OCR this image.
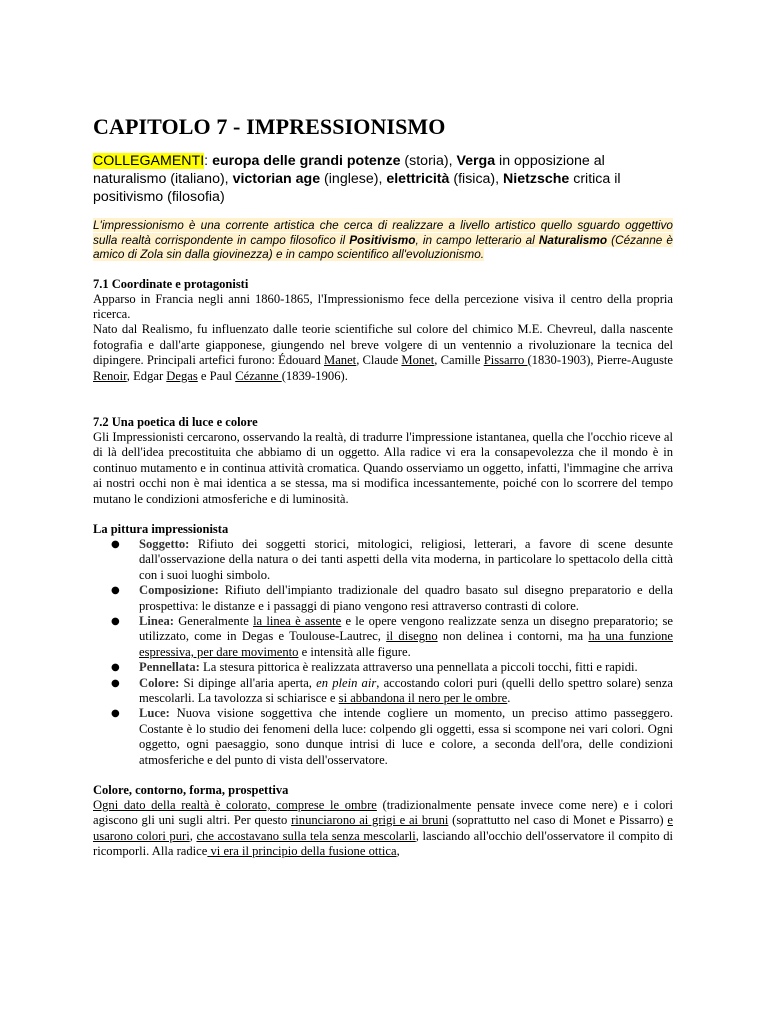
CAPITOLO 7 - IMPRESSIONISMO
COLLEGAMENTI: europa delle grandi potenze (storia), Verga in opposizione al naturalismo (italiano), victorian age (inglese), elettricità (fisica), Nietzsche critica il positivismo (filosofia)
L'impressionismo è una corrente artistica che cerca di realizzare a livello artistico quello sguardo oggettivo sulla realtà corrispondente in campo filosofico il Positivismo, in campo letterario al Naturalismo (Cézanne è amico di Zola sin dalla giovinezza) e in campo scientifico all'evoluzionismo.
7.1 Coordinate e protagonisti

Apparso in Francia negli anni 1860-1865, l'Impressionismo fece della percezione visiva il centro della propria ricerca.

Nato dal Realismo, fu influenzato dalle teorie scientifiche sul colore del chimico M.E. Chevreul, dalla nascente fotografia e dall'arte giapponese, giungendo nel breve volgere di un ventennio a rivoluzionare la tecnica del dipingere. Principali artefici furono: Édouard Manet, Claude Monet, Camille Pissarro (1830-1903), Pierre-Auguste Renoir, Edgar Degas e Paul Cézanne (1839-1906).

7.2 Una poetica di luce e colore

Gli Impressionisti cercarono, osservando la realtà, di tradurre l'impressione istantanea, quella che l'occhio riceve al di là dell'idea precostituita che abbiamo di un oggetto. Alla radice vi era la consapevolezza che il mondo è in continuo mutamento e in continua attività cromatica. Quando osserviamo un oggetto, infatti, l'immagine che arriva ai nostri occhi non è mai identica a se stessa, ma si modifica incessantemente, poiché con lo scorrere del tempo mutano le condizioni atmosferiche e di luminosità.

La pittura impressionista
● Soggetto: Rifiuto dei soggetti storici, mitologici, religiosi, letterari, a favore di scene desunte dall'osservazione della natura o dei tanti aspetti della vita moderna, in particolare lo spettacolo della città con i suoi luoghi simbolo.
● Composizione: Rifiuto dell'impianto tradizionale del quadro basato sul disegno preparatorio e della prospettiva: le distanze e i passaggi di piano vengono resi attraverso contrasti di colore.
● Linea: Generalmente la linea è assente e le opere vengono realizzate senza un disegno preparatorio; se utilizzato, come in Degas e Toulouse-Lautrec, il disegno non delinea i contorni, ma ha una funzione espressiva, per dare movimento e intensità alle figure.
● Pennellata: La stesura pittorica è realizzata attraverso una pennellata a piccoli tocchi, fitti e rapidi.
● Colore: Si dipinge all'aria aperta, en plein air, accostando colori puri (quelli dello spettro solare) senza mescolarli. La tavolozza si schiarisce e si abbandona il nero per le ombre.
● Luce: Nuova visione soggettiva che intende cogliere un momento, un preciso attimo passeggero. Costante è lo studio dei fenomeni della luce: colpendo gli oggetti, essa si scompone nei vari colori. Ogni oggetto, ogni paesaggio, sono dunque intrisi di luce e colore, a seconda dell'ora, delle condizioni atmosferiche e del punto di vista dell'osservatore.
Colore, contorno, forma, prospettiva

Ogni dato della realtà è colorato, comprese le ombre (tradizionalmente pensate invece come nere) e i colori agiscono gli uni sugli altri. Per questo rinunciarono ai grigi e ai bruni (soprattutto nel caso di Monet e Pissarro) e usarono colori puri, che accostavano sulla tela senza mescolarli, lasciando all'occhio dell'osservatore il compito di ricomporli. Alla radice vi era il principio della fusione ottica,
